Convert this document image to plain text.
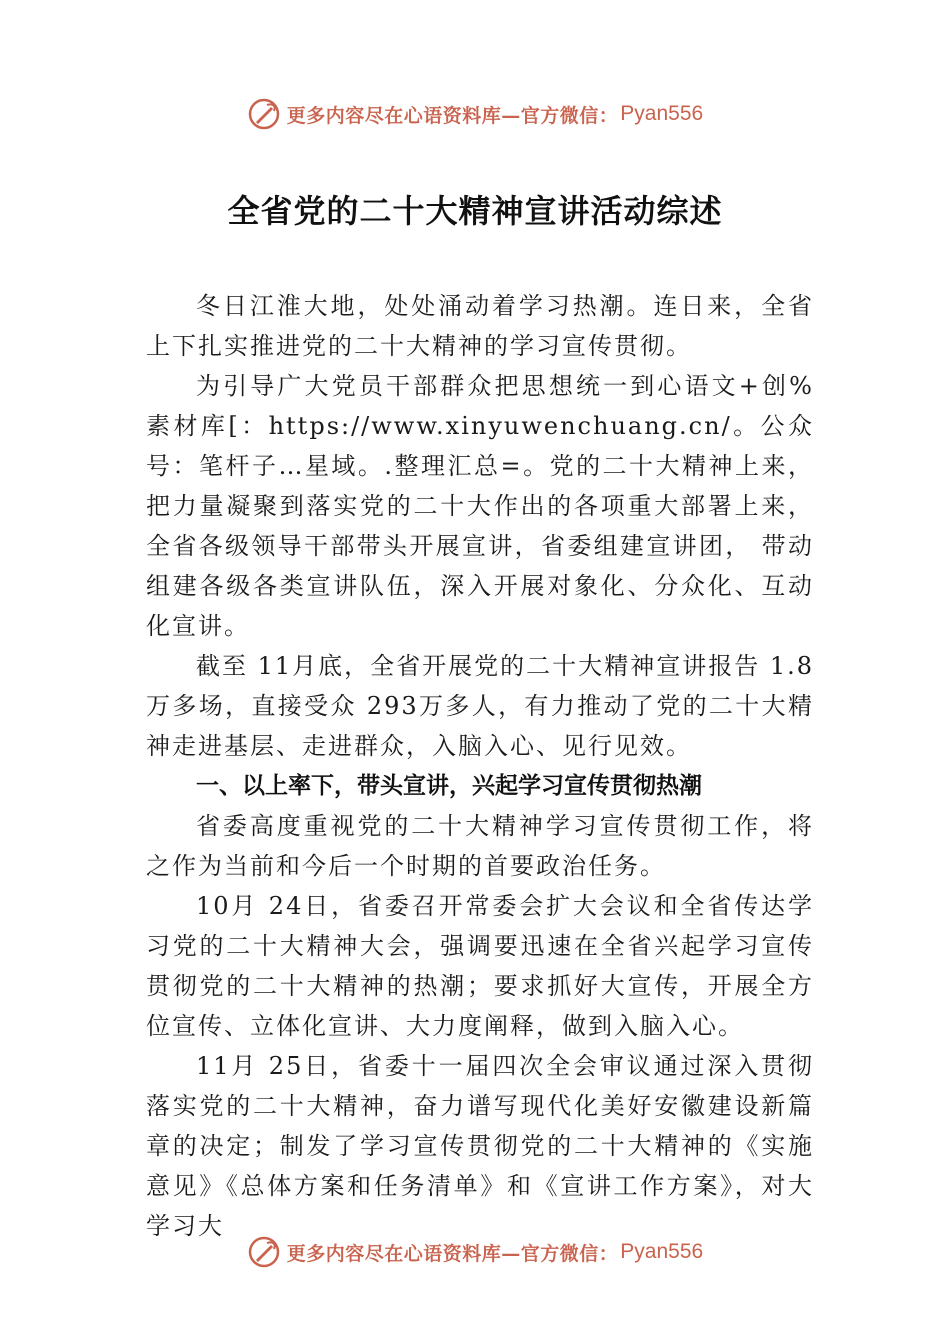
更多内容尽在心语资料库—官方微信： Pyan556
全省党的二十大精神宣讲活动综述

冬日江淮大地，处处涌动着学习热潮。连日来，全省上下扎实推进党的二十大精神的学习宣传贯彻。

为引导广大党员干部群众把思想统一到心语文+创%素材库[：https://www.xinyuwenchuang.cn/。公众号：笔杆子…星域。.整理汇总=。党的二十大精神上来，把力量凝聚到落实党的二十大作出的各项重大部署上来，全省各级领导干部带头开展宣讲，省委组建宣讲团， 带动组建各级各类宣讲队伍，深入开展对象化、分众化、互动化宣讲。

截至 11月底，全省开展党的二十大精神宣讲报告 1.8万多场，直接受众 293万多人，有力推动了党的二十大精神走进基层、走进群众，入脑入心、见行见效。

一、以上率下，带头宣讲，兴起学习宣传贯彻热潮

省委高度重视党的二十大精神学习宣传贯彻工作，将之作为当前和今后一个时期的首要政治任务。

10月 24日，省委召开常委会扩大会议和全省传达学习党的二十大精神大会，强调要迅速在全省兴起学习宣传贯彻党的二十大精神的热潮；要求抓好大宣传，开展全方位宣传、立体化宣讲、大力度阐释，做到入脑入心。

11月 25日，省委十一届四次全会审议通过深入贯彻落实党的二十大精神，奋力谱写现代化美好安徽建设新篇章的决定；制发了学习宣传贯彻党的二十大精神的《实施意见》《总体方案和任务清单》和《宣讲工作方案》，对大学习大

更多内容尽在心语资料库—官方微信： Pyan556
